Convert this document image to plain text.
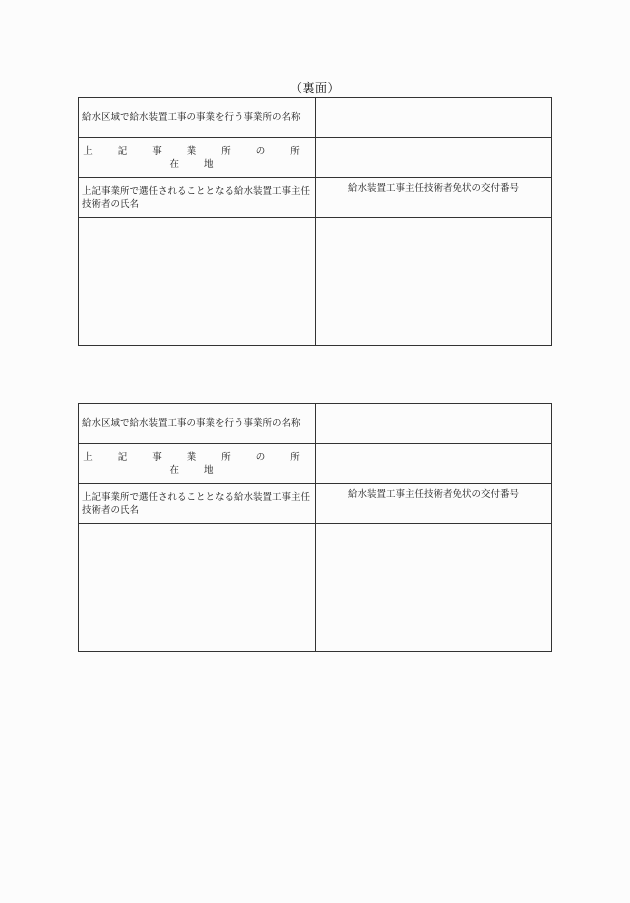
（裏面）
給水区域で給水装置工事の事業を行う事業所の名称	
上 記 事 業 所 の 所 在 地	
上記事業所で選任されることとなる給水装置工事主任技術者の氏名	給水装置工事主任技術者免状の交付番号

給水区域で給水装置工事の事業を行う事業所の名称	
上 記 事 業 所 の 所 在 地	
上記事業所で選任されることとなる給水装置工事主任技術者の氏名	給水装置工事主任技術者免状の交付番号
